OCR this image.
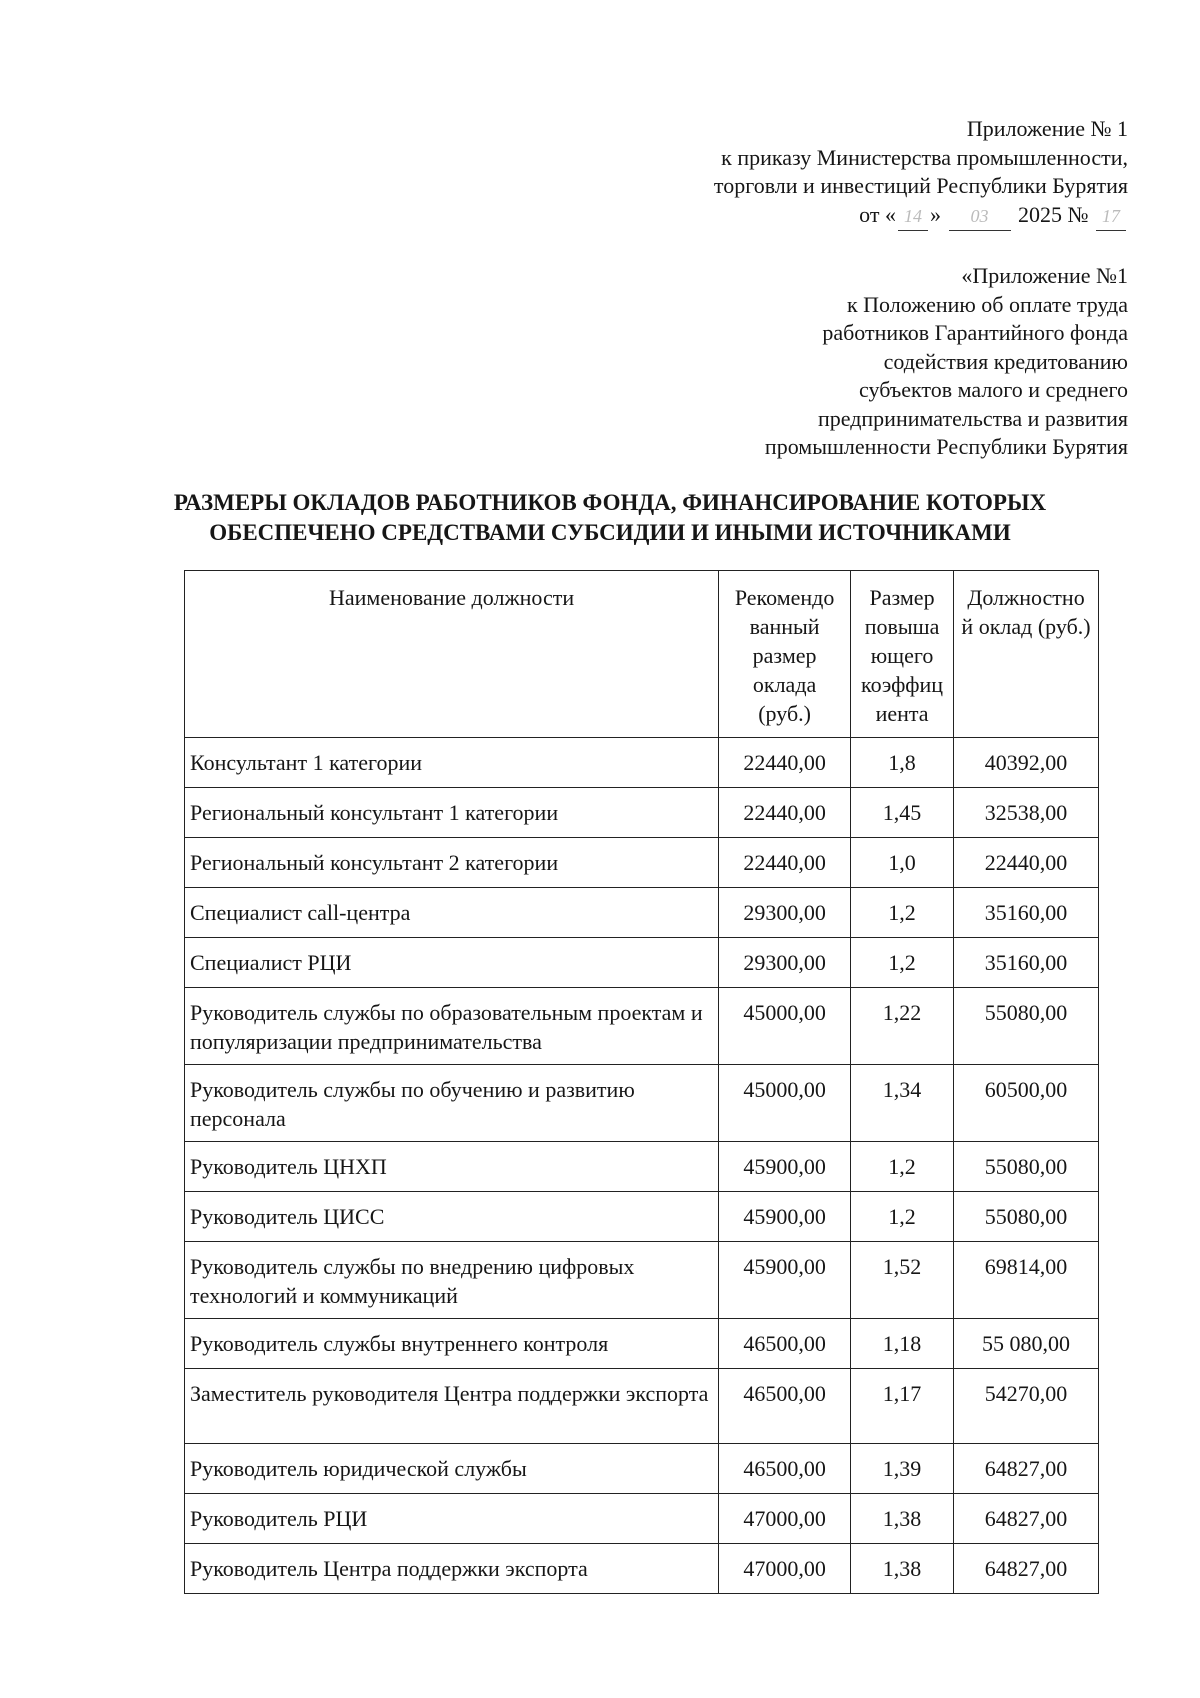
Приложение № 1
к приказу Министерства промышленности,
торговли и инвестиций Республики Бурятия
от « 14 » 03 2025 № 17
«Приложение №1
к Положению об оплате труда
работников Гарантийного фонда
содействия кредитованию
субъектов малого и среднего
предпринимательства и развития
промышленности Республики Бурятия
РАЗМЕРЫ ОКЛАДОВ РАБОТНИКОВ ФОНДА, ФИНАНСИРОВАНИЕ КОТОРЫХ
ОБЕСПЕЧЕНО СРЕДСТВАМИ СУБСИДИИ И ИНЫМИ ИСТОЧНИКАМИ
Наименование должности	Рекомендо ванный размер оклада (руб.)	Размер повыша ющего коэффиц иента	Должностно й оклад (руб.)
Консультант 1 категории	22440,00	1,8	40392,00
Региональный консультант 1 категории	22440,00	1,45	32538,00
Региональный консультант 2 категории	22440,00	1,0	22440,00
Специалист call-центра	29300,00	1,2	35160,00
Специалист РЦИ	29300,00	1,2	35160,00
Руководитель службы по образовательным проектам и популяризации предпринимательства	45000,00	1,22	55080,00
Руководитель службы по обучению и развитию персонала	45000,00	1,34	60500,00
Руководитель ЦНХП	45900,00	1,2	55080,00
Руководитель ЦИСС	45900,00	1,2	55080,00
Руководитель службы по внедрению цифровых технологий и коммуникаций	45900,00	1,52	69814,00
Руководитель службы внутреннего контроля	46500,00	1,18	55 080,00
Заместитель руководителя Центра поддержки экспорта	46500,00	1,17	54270,00
Руководитель юридической службы	46500,00	1,39	64827,00
Руководитель РЦИ	47000,00	1,38	64827,00
Руководитель Центра поддержки экспорта	47000,00	1,38	64827,00
